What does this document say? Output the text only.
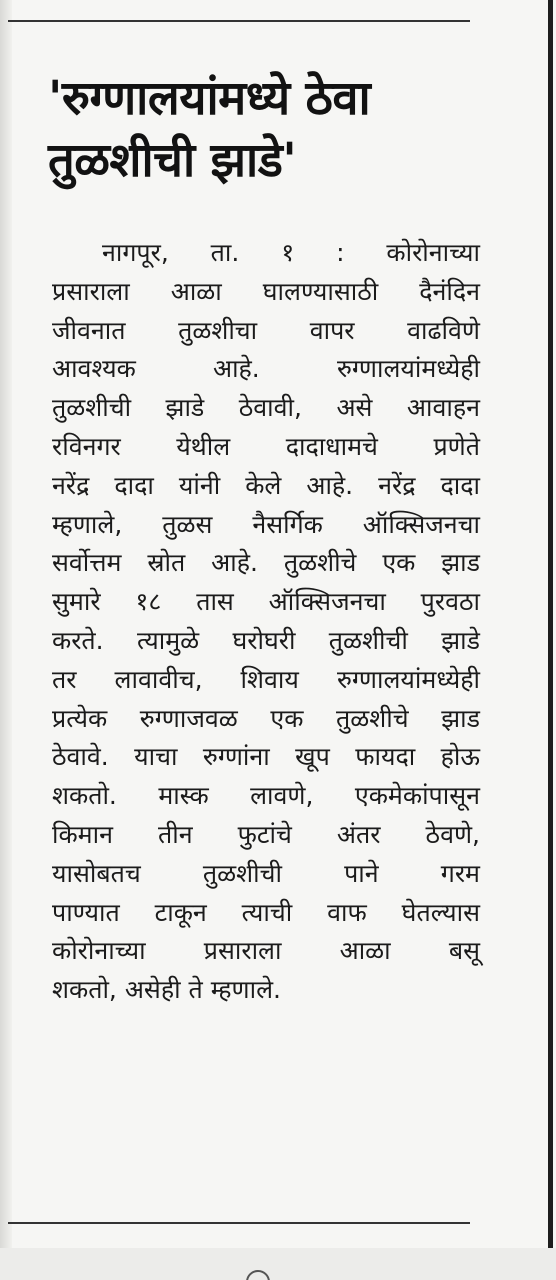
'रुग्णालयांमध्ये ठेवा
तुळशीची झाडे'
नागपूर, ता. १ : कोरोनाच्या
प्रसाराला आळा घालण्यासाठी दैनंदिन
जीवनात तुळशीचा वापर वाढविणे
आवश्यक आहे. रुग्णालयांमध्येही
तुळशीची झाडे ठेवावी, असे आवाहन
रविनगर येथील दादाधामचे प्रणेते
नरेंद्र दादा यांनी केले आहे. नरेंद्र दादा
म्हणाले, तुळस नैसर्गिक ऑक्सिजनचा
सर्वोत्तम स्रोत आहे. तुळशीचे एक झाड
सुमारे १८ तास ऑक्सिजनचा पुरवठा
करते. त्यामुळे घरोघरी तुळशीची झाडे
तर लावावीच, शिवाय रुग्णालयांमध्येही
प्रत्येक रुग्णाजवळ एक तुळशीचे झाड
ठेवावे. याचा रुग्णांना खूप फायदा होऊ
शकतो. मास्क लावणे, एकमेकांपासून
किमान तीन फुटांचे अंतर ठेवणे,
यासोबतच तुळशीची पाने गरम
पाण्यात टाकून त्याची वाफ घेतल्यास
कोरोनाच्या प्रसाराला आळा बसू
शकतो, असेही ते म्हणाले.
